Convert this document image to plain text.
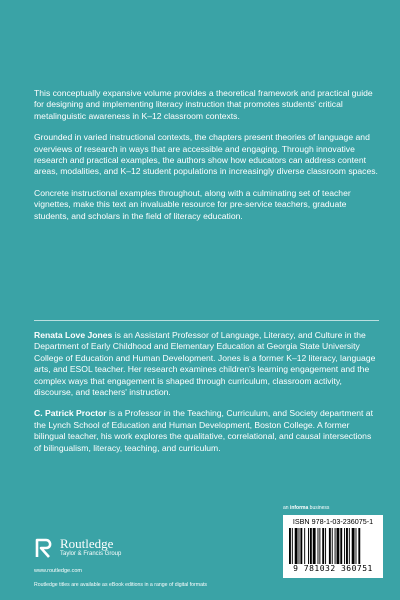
This conceptually expansive volume provides a theoretical framework and practical guide for designing and implementing literacy instruction that promotes students' critical metalinguistic awareness in K–12 classroom contexts.

Grounded in varied instructional contexts, the chapters present theories of language and overviews of research in ways that are accessible and engaging. Through innovative research and practical examples, the authors show how educators can address content areas, modalities, and K–12 student populations in increasingly diverse classroom spaces.

Concrete instructional examples throughout, along with a culminating set of teacher vignettes, make this text an invaluable resource for pre-service teachers, graduate students, and scholars in the field of literacy education.

Renata Love Jones is an Assistant Professor of Language, Literacy, and Culture in the Department of Early Childhood and Elementary Education at Georgia State University College of Education and Human Development. Jones is a former K–12 literacy, language arts, and ESOL teacher. Her research examines children's learning engagement and the complex ways that engagement is shaped through curriculum, classroom activity, discourse, and teachers' instruction.

C. Patrick Proctor is a Professor in the Teaching, Curriculum, and Society department at the Lynch School of Education and Human Development, Boston College. A former bilingual teacher, his work explores the qualitative, correlational, and causal intersections of bilingualism, literacy, teaching, and curriculum.

Routledge
Taylor & Francis Group
www.routledge.com
Routledge titles are available as eBook editions in a range of digital formats
an informa business
ISBN 978-1-03-236075-1
9 781032 360751
